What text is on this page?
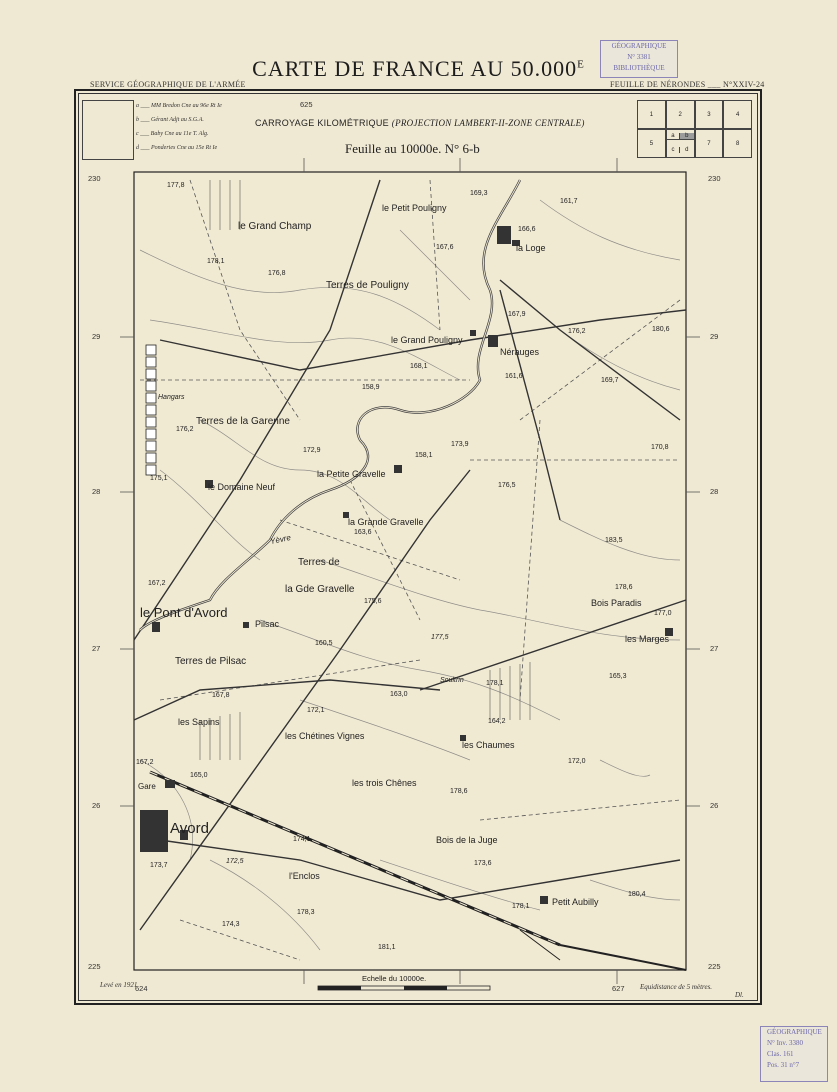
CARTE DE FRANCE AU $50.000^E$
SERVICE GÉOGRAPHIQUE DE L'ARMÉE	FEUILLE DE NÉRONDES ___ N°XXIV-24
GÉOGRAPHIQUE
N° 3381
BIBLIOTHÈQUE
1	2	3	4
5
a	b
c	d
7	8
a ___ MM Bredon Cne au 96e Rt Ie
b ___ Gérant Adjt au S.G.A.
c ___ Baby Cne au 11e T. Alg.
d ___ Ponderies Cne au 15e Rt Ie
CARROYAGE KILOMÉTRIQUE (PROJECTION LAMBERT-II-ZONE CENTRALE)
Feuille au 10000e. N° 6-b
625
230	230
29	29
28	28
27	27
26	26
225	225
624	627
Levé en 1921
Echelle du 10000e.
Equidistance de 5 mètres.
Dl.
le Petit Pouligny
le Grand Champ
la Loge
Terres de Pouligny
le Grand Pouligny
Nérauges
Hangars
Terres de la Garenne
le Domaine Neuf
la Petite Gravelle
la Grande Gravelle
Yèvre
Terres de
la Gde Gravelle
le Pont d'Avord
Pilsac
Terres de Pilsac
Bois Paradis
les Marges
Soultrin
les Sapins
les Chétines Vignes
les Chaumes
les trois Chênes
Gare
Avord
Bois de la Juge
l'Enclos
Petit Aubilly
177,8
169,3
161,7
166,6
167,6
178,1
176,8
167,9
176,2	180,6
168,1
158,9
161,6
169,7
173,9	170,8
172,9
158,1
175,1
176,5
163,6
183,5
167,2
178,6
175,6
177,0
160,5
165,3
178,1
167,8	163,0
172,1
164,2
172,0
167,2
165,0
178,6
174,1
173,6
180,4
178,1
178,3
174,3
173,7
181,1
177,5
172,5
176,2
GÉOGRAPHIQUE
N° Inv. 3380
Clas. 161
Pos. 31 n°7
